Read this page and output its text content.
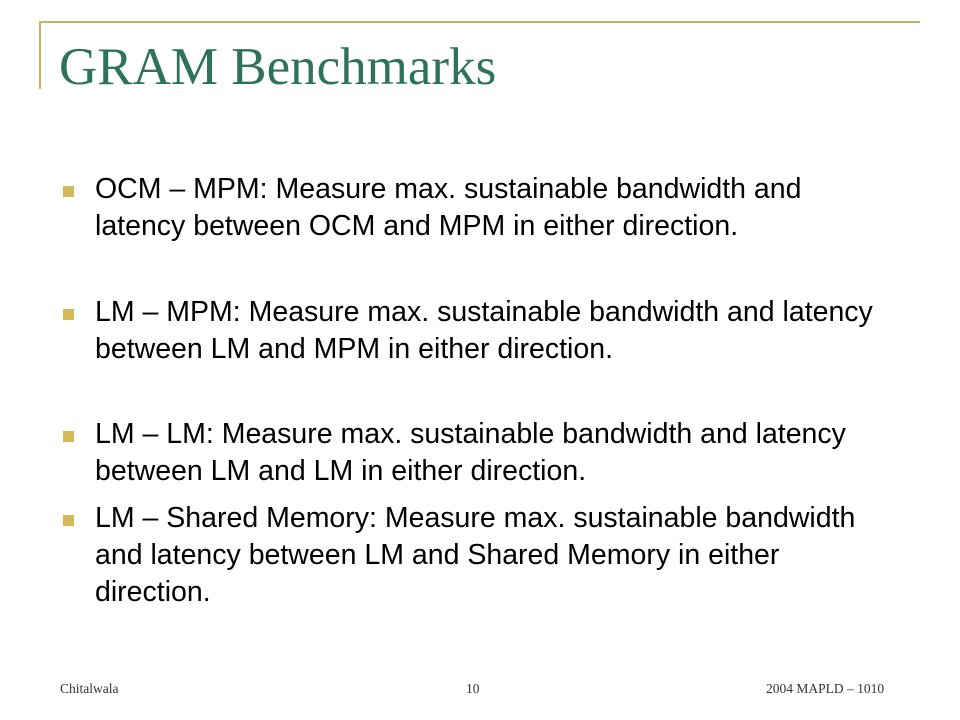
GRAM Benchmarks
OCM – MPM: Measure max. sustainable bandwidth and latency between OCM and MPM in either direction.
LM – MPM: Measure max. sustainable bandwidth and latency between LM and MPM in either direction.
LM – LM: Measure max. sustainable bandwidth and latency between LM and LM in either direction.
LM – Shared Memory: Measure max. sustainable bandwidth and latency between LM and Shared Memory in either direction.
Chitalwala	10	2004 MAPLD – 1010
